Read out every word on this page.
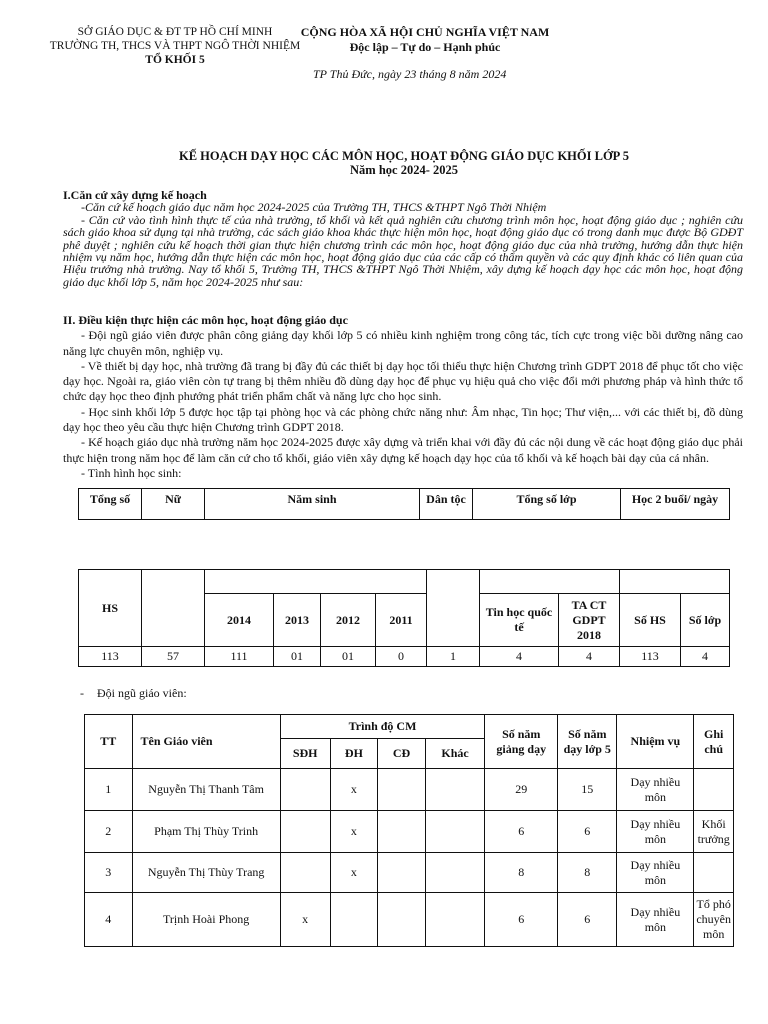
SỞ GIÁO DỤC & ĐT TP HỒ CHÍ MINH
TRƯỜNG TH, THCS VÀ THPT NGÔ THỜI NHIỆM
TỔ KHỐI 5
CỘNG HÒA XÃ HỘI CHỦ NGHĨA VIỆT NAM
Độc lập – Tự do – Hạnh phúc
TP Thủ Đức, ngày 23 tháng 8 năm 2024
KẾ HOẠCH DẠY HỌC CÁC MÔN HỌC, HOẠT ĐỘNG GIÁO DỤC KHỐI LỚP 5
Năm học 2024- 2025

I.Căn cứ xây dựng kế hoạch

-Căn cứ kế hoạch giáo dục năm học 2024-2025 của Trường TH, THCS &THPT Ngô Thời Nhiệm

- Căn cứ vào tình hình thực tế của nhà trường, tổ khối và kết quả nghiên cứu chương trình môn học, hoạt động giáo dục ; nghiên cứu sách giáo khoa sử dụng tại nhà trường, các sách giáo khoa khác thực hiện môn học, hoạt động giáo dục có trong danh mục được Bộ GDĐT phê duyệt ; nghiên cứu kế hoạch thời gian thực hiện chương trình các môn học, hoạt động giáo dục của nhà trường, hướng dẫn thực hiện nhiệm vụ năm học, hướng dẫn thực hiện các môn học, hoạt động giáo dục của các cấp có thẩm quyền và các quy định khác có liên quan của Hiệu trưởng nhà trường. Nay tổ khối 5, Trường TH, THCS &THPT Ngô Thời Nhiệm, xây dựng kế hoạch dạy học các môn học, hoạt động giáo dục khối lớp 5, năm học 2024-2025 như sau:

II. Điều kiện thực hiện các môn học, hoạt động giáo dục

- Đội ngũ giáo viên được phân công giảng dạy khối lớp 5 có nhiều kinh nghiệm trong công tác, tích cực trong việc bồi dưỡng nâng cao năng lực chuyên môn, nghiệp vụ.

- Về thiết bị dạy học, nhà trường đã trang bị đầy đủ các thiết bị dạy học tối thiểu thực hiện Chương trình GDPT 2018 để phục tốt cho việc dạy học. Ngoài ra, giáo viên còn tự trang bị thêm nhiều đồ dùng dạy học để phục vụ hiệu quả cho việc đổi mới phương pháp và hình thức tổ chức dạy học theo định phướng phát triển phẩm chất và năng lực cho học sinh.

- Học sinh khối lớp 5 được học tập tại phòng học và các phòng chức năng như: Âm nhạc, Tin học; Thư viện,... với các thiết bị, đồ dùng dạy học theo yêu cầu thực hiện Chương trình GDPT 2018.

- Kế hoạch giáo dục nhà trường năm học 2024-2025 được xây dựng và triển khai với đầy đủ các nội dung về các hoạt động giáo dục phải thực hiện trong năm học để làm căn cứ cho tổ khối, giáo viên xây dựng kế hoạch dạy học của tổ khối và kế hoạch bài dạy của cá nhân.

- Tình hình học sinh:

Tổng số	Nữ	Năm sinh	Dân tộc	Tổng số lớp	Học 2 buổi/ ngày
HS										
		2014	2013	2012	2011		Tin học quốc tế	TA CT GDPT 2018	Số HS	Số lớp
113	57	111	01	01	0	1	4	4	113	4
- Đội ngũ giáo viên:
TT	Tên Giáo viên	Trình độ CM				Số năm giảng dạy	Số năm dạy lớp 5	Nhiệm vụ	Ghi chú
		SĐH	ĐH	CĐ	Khác				
1	Nguyễn Thị Thanh Tâm		x			29	15	Dạy nhiều môn	
2	Phạm Thị Thùy Trinh		x			6	6	Dạy nhiều môn	Khối trưởng
3	Nguyễn Thị Thùy Trang		x			8	8	Dạy nhiều môn	
4	Trịnh Hoài Phong	x				6	6	Dạy nhiều môn	Tổ phó chuyên môn
